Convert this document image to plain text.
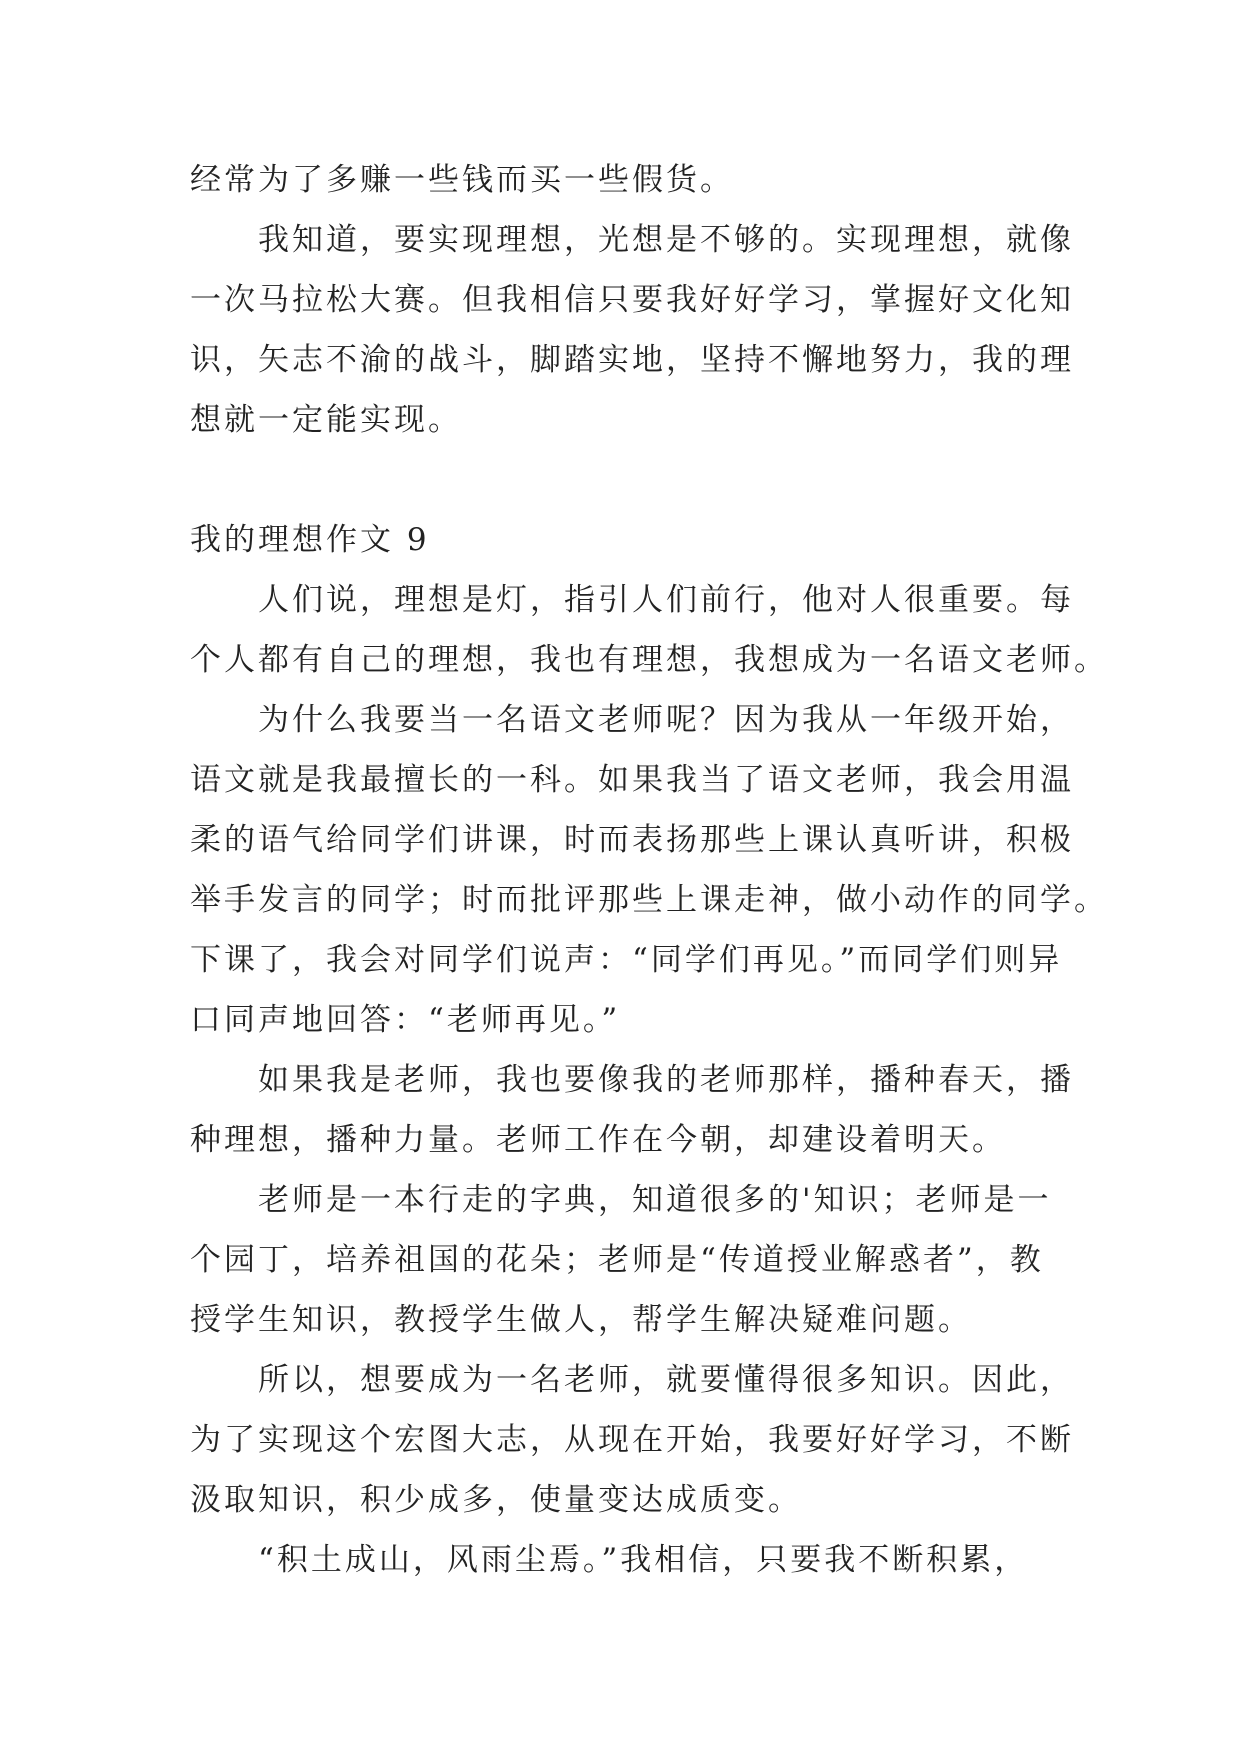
经常为了多赚一些钱而买一些假货。
　　我知道，要实现理想，光想是不够的。实现理想，就像
一次马拉松大赛。但我相信只要我好好学习，掌握好文化知
识，矢志不渝的战斗，脚踏实地，坚持不懈地努力，我的理
想就一定能实现。
我的理想作文 9
　　人们说，理想是灯，指引人们前行，他对人很重要。每
个人都有自己的理想，我也有理想，我想成为一名语文老师。
　　为什么我要当一名语文老师呢？因为我从一年级开始，
语文就是我最擅长的一科。如果我当了语文老师，我会用温
柔的语气给同学们讲课，时而表扬那些上课认真听讲，积极
举手发言的同学；时而批评那些上课走神，做小动作的同学。
下课了，我会对同学们说声：“同学们再见。”而同学们则异
口同声地回答：“老师再见。”
　　如果我是老师，我也要像我的老师那样，播种春天，播
种理想，播种力量。老师工作在今朝，却建设着明天。
　　老师是一本行走的字典，知道很多的'知识；老师是一
个园丁，培养祖国的花朵；老师是“传道授业解惑者”，教
授学生知识，教授学生做人，帮学生解决疑难问题。
　　所以，想要成为一名老师，就要懂得很多知识。因此，
为了实现这个宏图大志，从现在开始，我要好好学习，不断
汲取知识，积少成多，使量变达成质变。
　　“积土成山，风雨尘焉。”我相信，只要我不断积累，
